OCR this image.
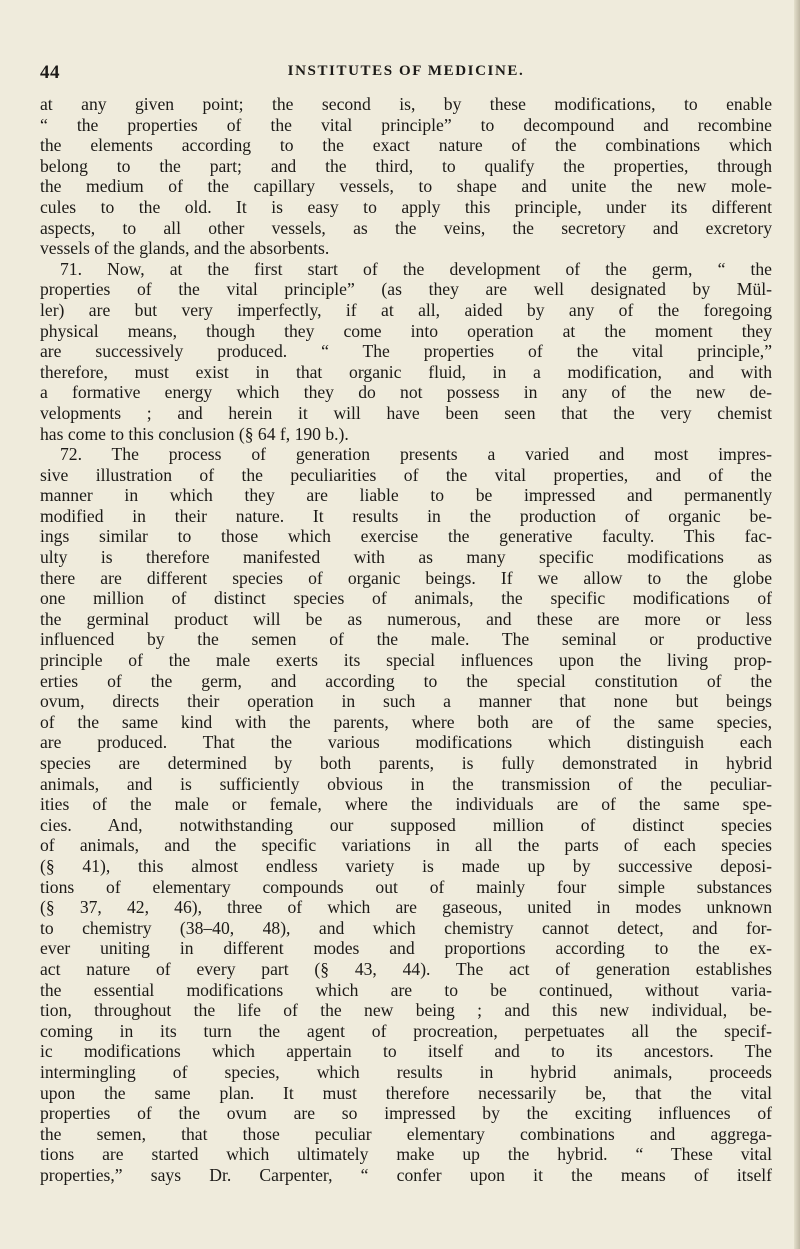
44	INSTITUTES OF MEDICINE.
at any given point; the second is, by these modifications, to enable
“ the properties of the vital principle” to decompound and recombine
the elements according to the exact nature of the combinations which
belong to the part; and the third, to qualify the properties, through
the medium of the capillary vessels, to shape and unite the new mole-
cules to the old. It is easy to apply this principle, under its different
aspects, to all other vessels, as the veins, the secretory and excretory
vessels of the glands, and the absorbents.
71. Now, at the first start of the development of the germ, “ the
properties of the vital principle” (as they are well designated by Mül-
ler) are but very imperfectly, if at all, aided by any of the foregoing
physical means, though they come into operation at the moment they
are successively produced. “ The properties of the vital principle,”
therefore, must exist in that organic fluid, in a modification, and with
a formative energy which they do not possess in any of the new de-
velopments ; and herein it will have been seen that the very chemist
has come to this conclusion (§ 64 f, 190 b.).
72. The process of generation presents a varied and most impres-
sive illustration of the peculiarities of the vital properties, and of the
manner in which they are liable to be impressed and permanently
modified in their nature. It results in the production of organic be-
ings similar to those which exercise the generative faculty. This fac-
ulty is therefore manifested with as many specific modifications as
there are different species of organic beings. If we allow to the globe
one million of distinct species of animals, the specific modifications of
the germinal product will be as numerous, and these are more or less
influenced by the semen of the male. The seminal or productive
principle of the male exerts its special influences upon the living prop-
erties of the germ, and according to the special constitution of the
ovum, directs their operation in such a manner that none but beings
of the same kind with the parents, where both are of the same species,
are produced. That the various modifications which distinguish each
species are determined by both parents, is fully demonstrated in hybrid
animals, and is sufficiently obvious in the transmission of the peculiar-
ities of the male or female, where the individuals are of the same spe-
cies. And, notwithstanding our supposed million of distinct species
of animals, and the specific variations in all the parts of each species
(§ 41), this almost endless variety is made up by successive deposi-
tions of elementary compounds out of mainly four simple substances
(§ 37, 42, 46), three of which are gaseous, united in modes unknown
to chemistry (38–40, 48), and which chemistry cannot detect, and for-
ever uniting in different modes and proportions according to the ex-
act nature of every part (§ 43, 44). The act of generation establishes
the essential modifications which are to be continued, without varia-
tion, throughout the life of the new being ; and this new individual, be-
coming in its turn the agent of procreation, perpetuates all the specif-
ic modifications which appertain to itself and to its ancestors. The
intermingling of species, which results in hybrid animals, proceeds
upon the same plan. It must therefore necessarily be, that the vital
properties of the ovum are so impressed by the exciting influences of
the semen, that those peculiar elementary combinations and aggrega-
tions are started which ultimately make up the hybrid. “ These vital
properties,” says Dr. Carpenter, “ confer upon it the means of itself
